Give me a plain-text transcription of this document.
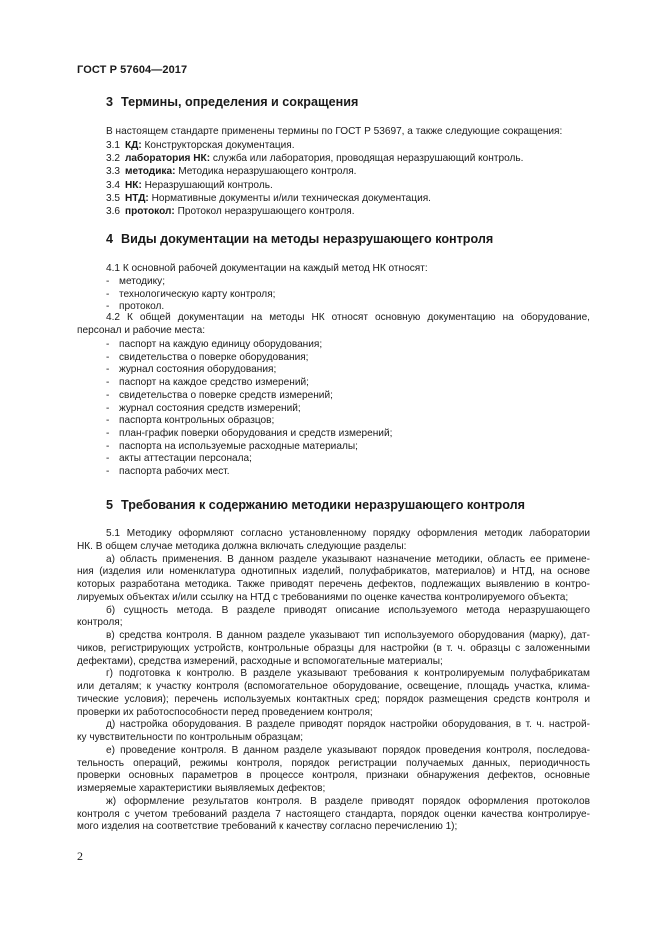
ГОСТ Р 57604—2017
3 Термины, определения и сокращения
В настоящем стандарте применены термины по ГОСТ Р 53697, а также следующие сокращения:
3.1 КД: Конструкторская документация.
3.2 лаборатория НК: служба или лаборатория, проводящая неразрушающий контроль.
3.3 методика: Методика неразрушающего контроля.
3.4 НК: Неразрушающий контроль.
3.5 НТД: Нормативные документы и/или техническая документация.
3.6 протокол: Протокол неразрушающего контроля.
4 Виды документации на методы неразрушающего контроля
4.1 К основной рабочей документации на каждый метод НК относят:
- методику;
- технологическую карту контроля;
- протокол.
4.2 К общей документации на методы НК относят основную документацию на оборудование,
персонал и рабочие места:
- паспорт на каждую единицу оборудования;
- свидетельства о поверке оборудования;
- журнал состояния оборудования;
- паспорт на каждое средство измерений;
- свидетельства о поверке средств измерений;
- журнал состояния средств измерений;
- паспорта контрольных образцов;
- план-график поверки оборудования и средств измерений;
- паспорта на используемые расходные материалы;
- акты аттестации персонала;
- паспорта рабочих мест.
5 Требования к содержанию методики неразрушающего контроля
5.1 Методику оформляют согласно установленному порядку оформления методик лаборатории
НК. В общем случае методика должна включать следующие разделы:
а) область применения. В данном разделе указывают назначение методики, область ее примене-
ния (изделия или номенклатура однотипных изделий, полуфабрикатов, материалов) и НТД, на основе
которых разработана методика. Также приводят перечень дефектов, подлежащих выявлению в контро-
лируемых объектах и/или ссылку на НТД с требованиями по оценке качества контролируемого объекта;
б) сущность метода. В разделе приводят описание используемого метода неразрушающего
контроля;
в) средства контроля. В данном разделе указывают тип используемого оборудования (марку), дат-
чиков, регистрирующих устройств, контрольные образцы для настройки (в т. ч. образцы с заложенными
дефектами), средства измерений, расходные и вспомогательные материалы;
г) подготовка к контролю. В разделе указывают требования к контролируемым полуфабрикатам
или деталям; к участку контроля (вспомогательное оборудование, освещение, площадь участка, клима-
тические условия); перечень используемых контактных сред; порядок размещения средств контроля и
проверки их работоспособности перед проведением контроля;
д) настройка оборудования. В разделе приводят порядок настройки оборудования, в т. ч. настрой-
ку чувствительности по контрольным образцам;
е) проведение контроля. В данном разделе указывают порядок проведения контроля, последова-
тельность операций, режимы контроля, порядок регистрации получаемых данных, периодичность
проверки основных параметров в процессе контроля, признаки обнаружения дефектов, основные
измеряемые характеристики выявляемых дефектов;
ж) оформление результатов контроля. В разделе приводят порядок оформления протоколов
контроля с учетом требований раздела 7 настоящего стандарта, порядок оценки качества контролируе-
мого изделия на соответствие требований к качеству согласно перечислению 1);
2
